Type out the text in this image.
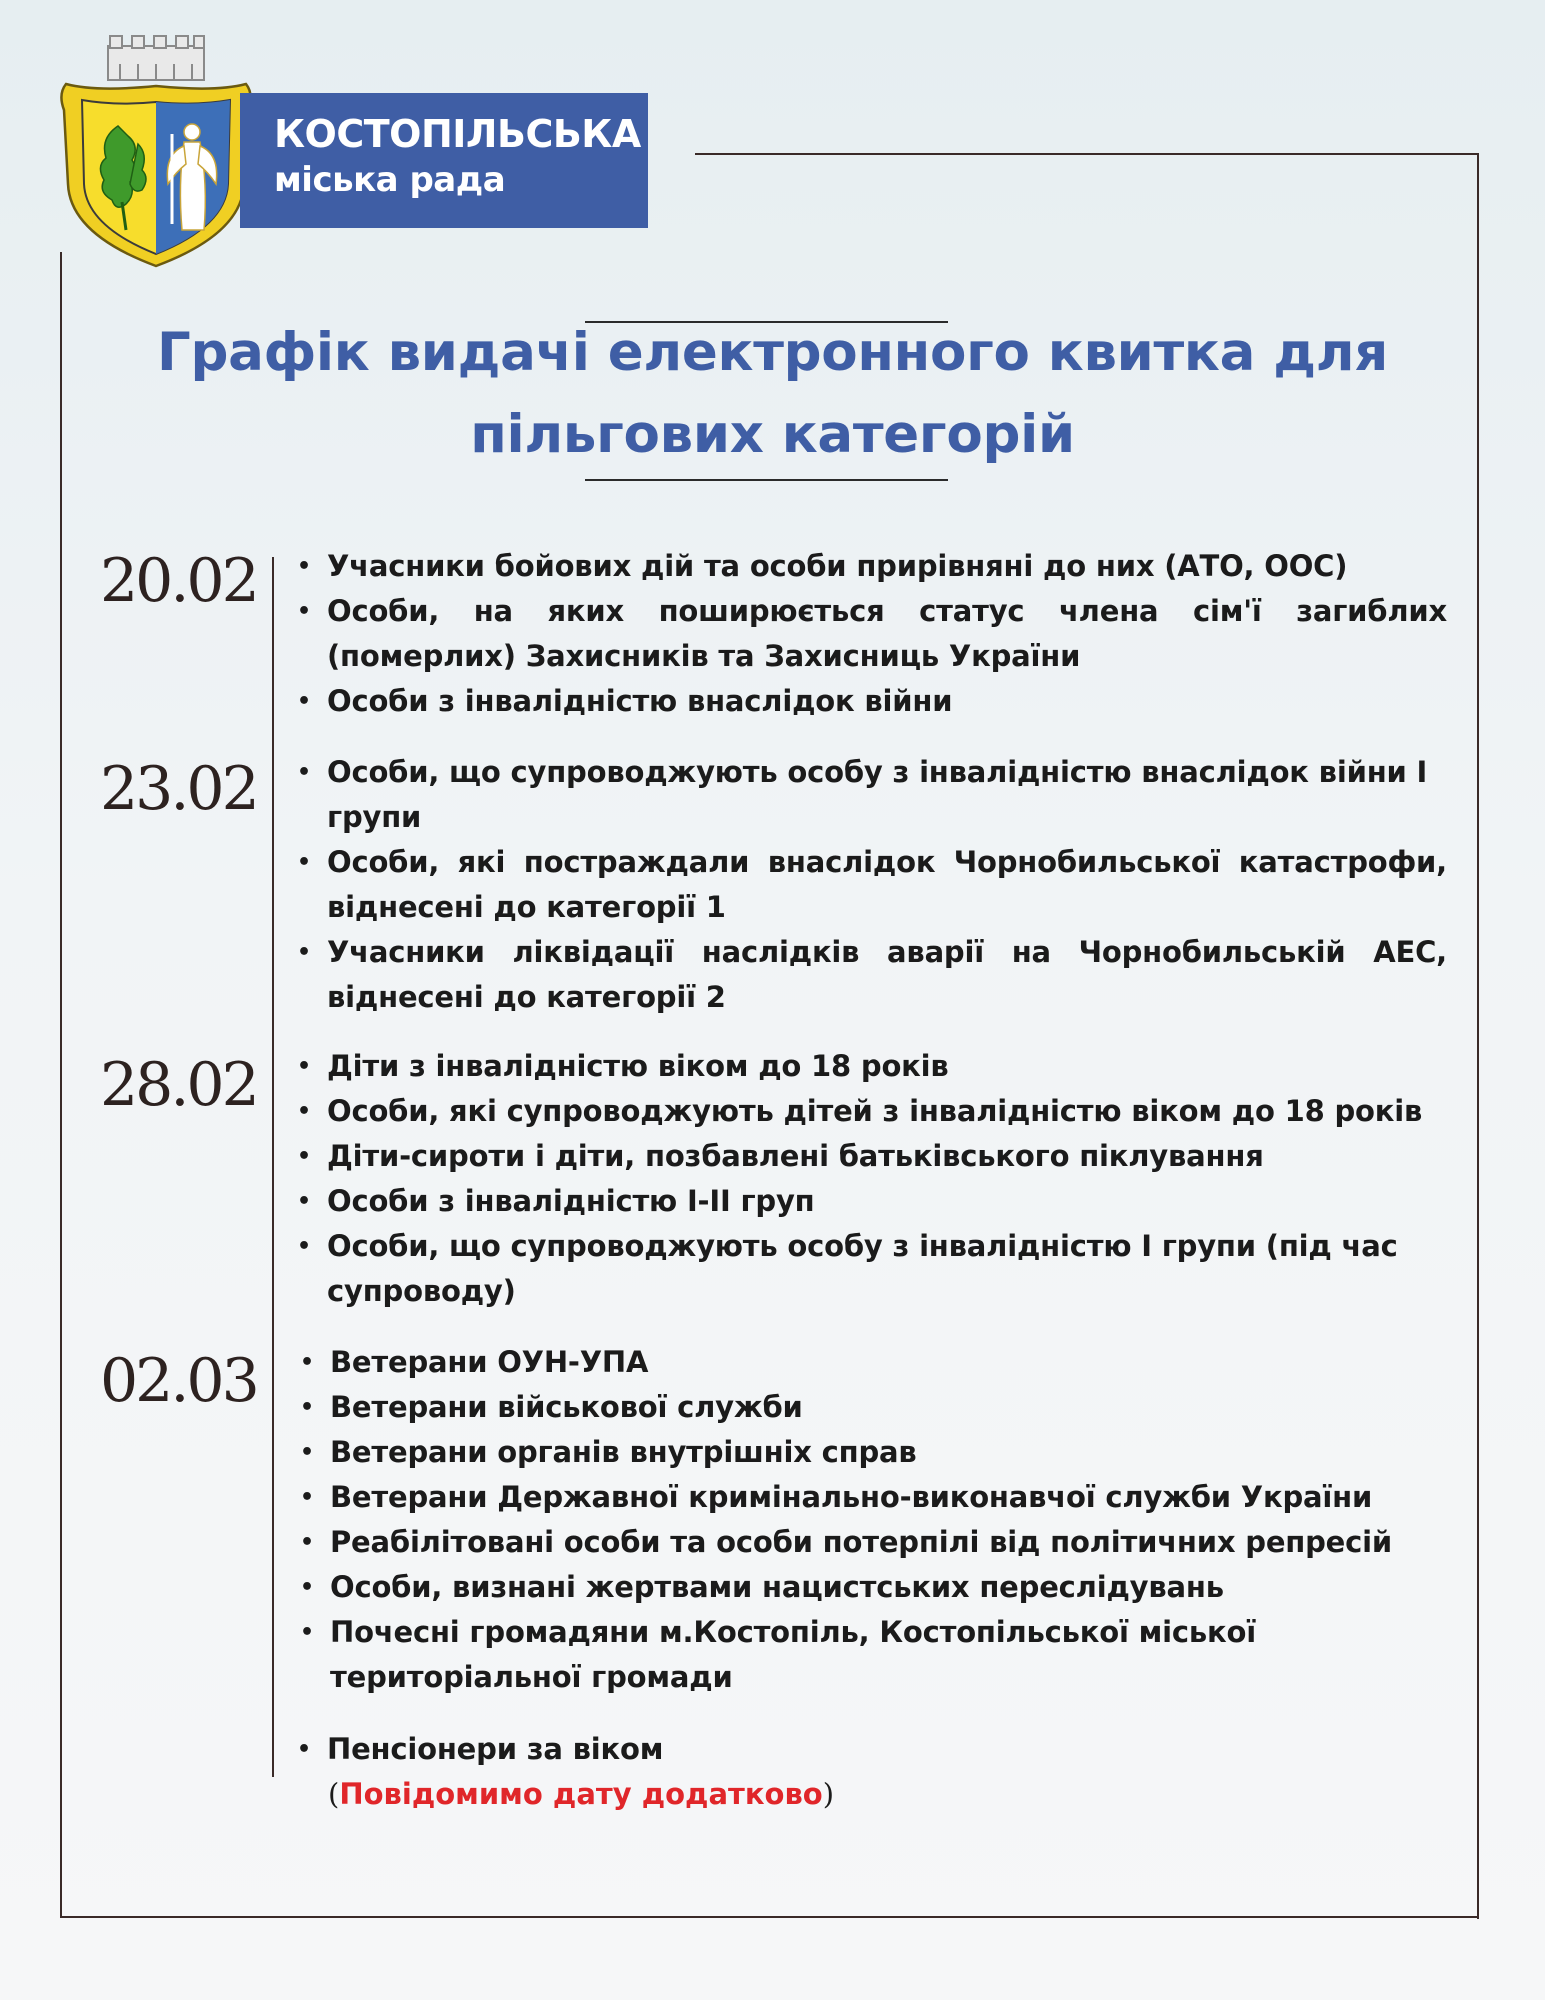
КОСТОПІЛЬСЬКА
міська рада
Графік видачі електронного квитка для пільгових категорій
20.02	• Учасники бойових дій та особи прирівняні до них (АТО, ООС)
• Особи, на яких поширюється статус члена сім'ї загиблих (померлих) Захисників та Захисниць України
• Особи з інвалідністю внаслідок війни
23.02	• Особи, що супроводжують особу з інвалідністю внаслідок війни І групи
• Особи, які постраждали внаслідок Чорнобильської катастрофи, віднесені до категорії 1
• Учасники ліквідації наслідків аварії на Чорнобильській АЕС, віднесені до категорії 2
28.02	• Діти з інвалідністю віком до 18 років
• Особи, які супроводжують дітей з інвалідністю віком до 18 років
• Діти-сироти і діти, позбавлені батьківського піклування
• Особи з інвалідністю І-ІІ груп
• Особи, що супроводжують особу з інвалідністю І групи (під час супроводу)
02.03	• Ветерани ОУН-УПА
• Ветерани військової служби
• Ветерани органів внутрішніх справ
• Ветерани Державної кримінально-виконавчої служби України
• Реабілітовані особи та особи потерпілі від політичних репресій
• Особи, визнані жертвами нацистських переслідувань
• Почесні громадяни м.Костопіль, Костопільської міської територіальної громади
• Пенсіонери за віком
(Повідомимо дату додатково)
